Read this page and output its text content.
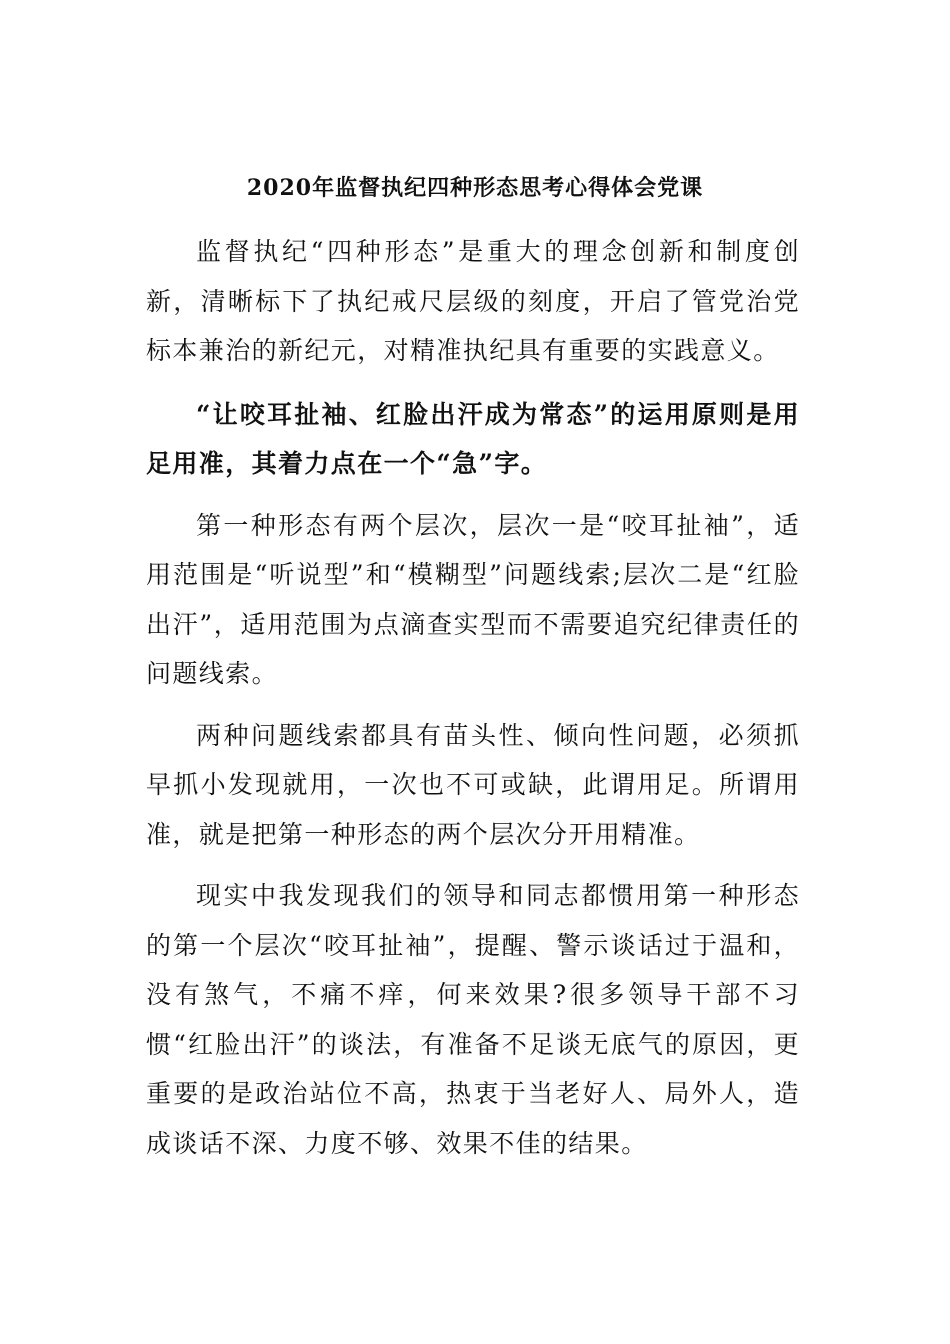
2020年监督执纪四种形态思考心得体会党课

监督执纪“四种形态”是重大的理念创新和制度创新，清晰标下了执纪戒尺层级的刻度，开启了管党治党标本兼治的新纪元，对精准执纪具有重要的实践意义。

“让咬耳扯袖、红脸出汗成为常态”的运用原则是用足用准，其着力点在一个“急”字。

第一种形态有两个层次，层次一是“咬耳扯袖”，适用范围是“听说型”和“模糊型”问题线索;层次二是“红脸出汗”，适用范围为点滴查实型而不需要追究纪律责任的问题线索。

两种问题线索都具有苗头性、倾向性问题，必须抓早抓小发现就用，一次也不可或缺，此谓用足。所谓用准，就是把第一种形态的两个层次分开用精准。

现实中我发现我们的领导和同志都惯用第一种形态的第一个层次“咬耳扯袖”，提醒、警示谈话过于温和，没有煞气，不痛不痒，何来效果?很多领导干部不习惯“红脸出汗”的谈法，有准备不足谈无底气的原因，更重要的是政治站位不高，热衷于当老好人、局外人，造成谈话不深、力度不够、效果不佳的结果。
